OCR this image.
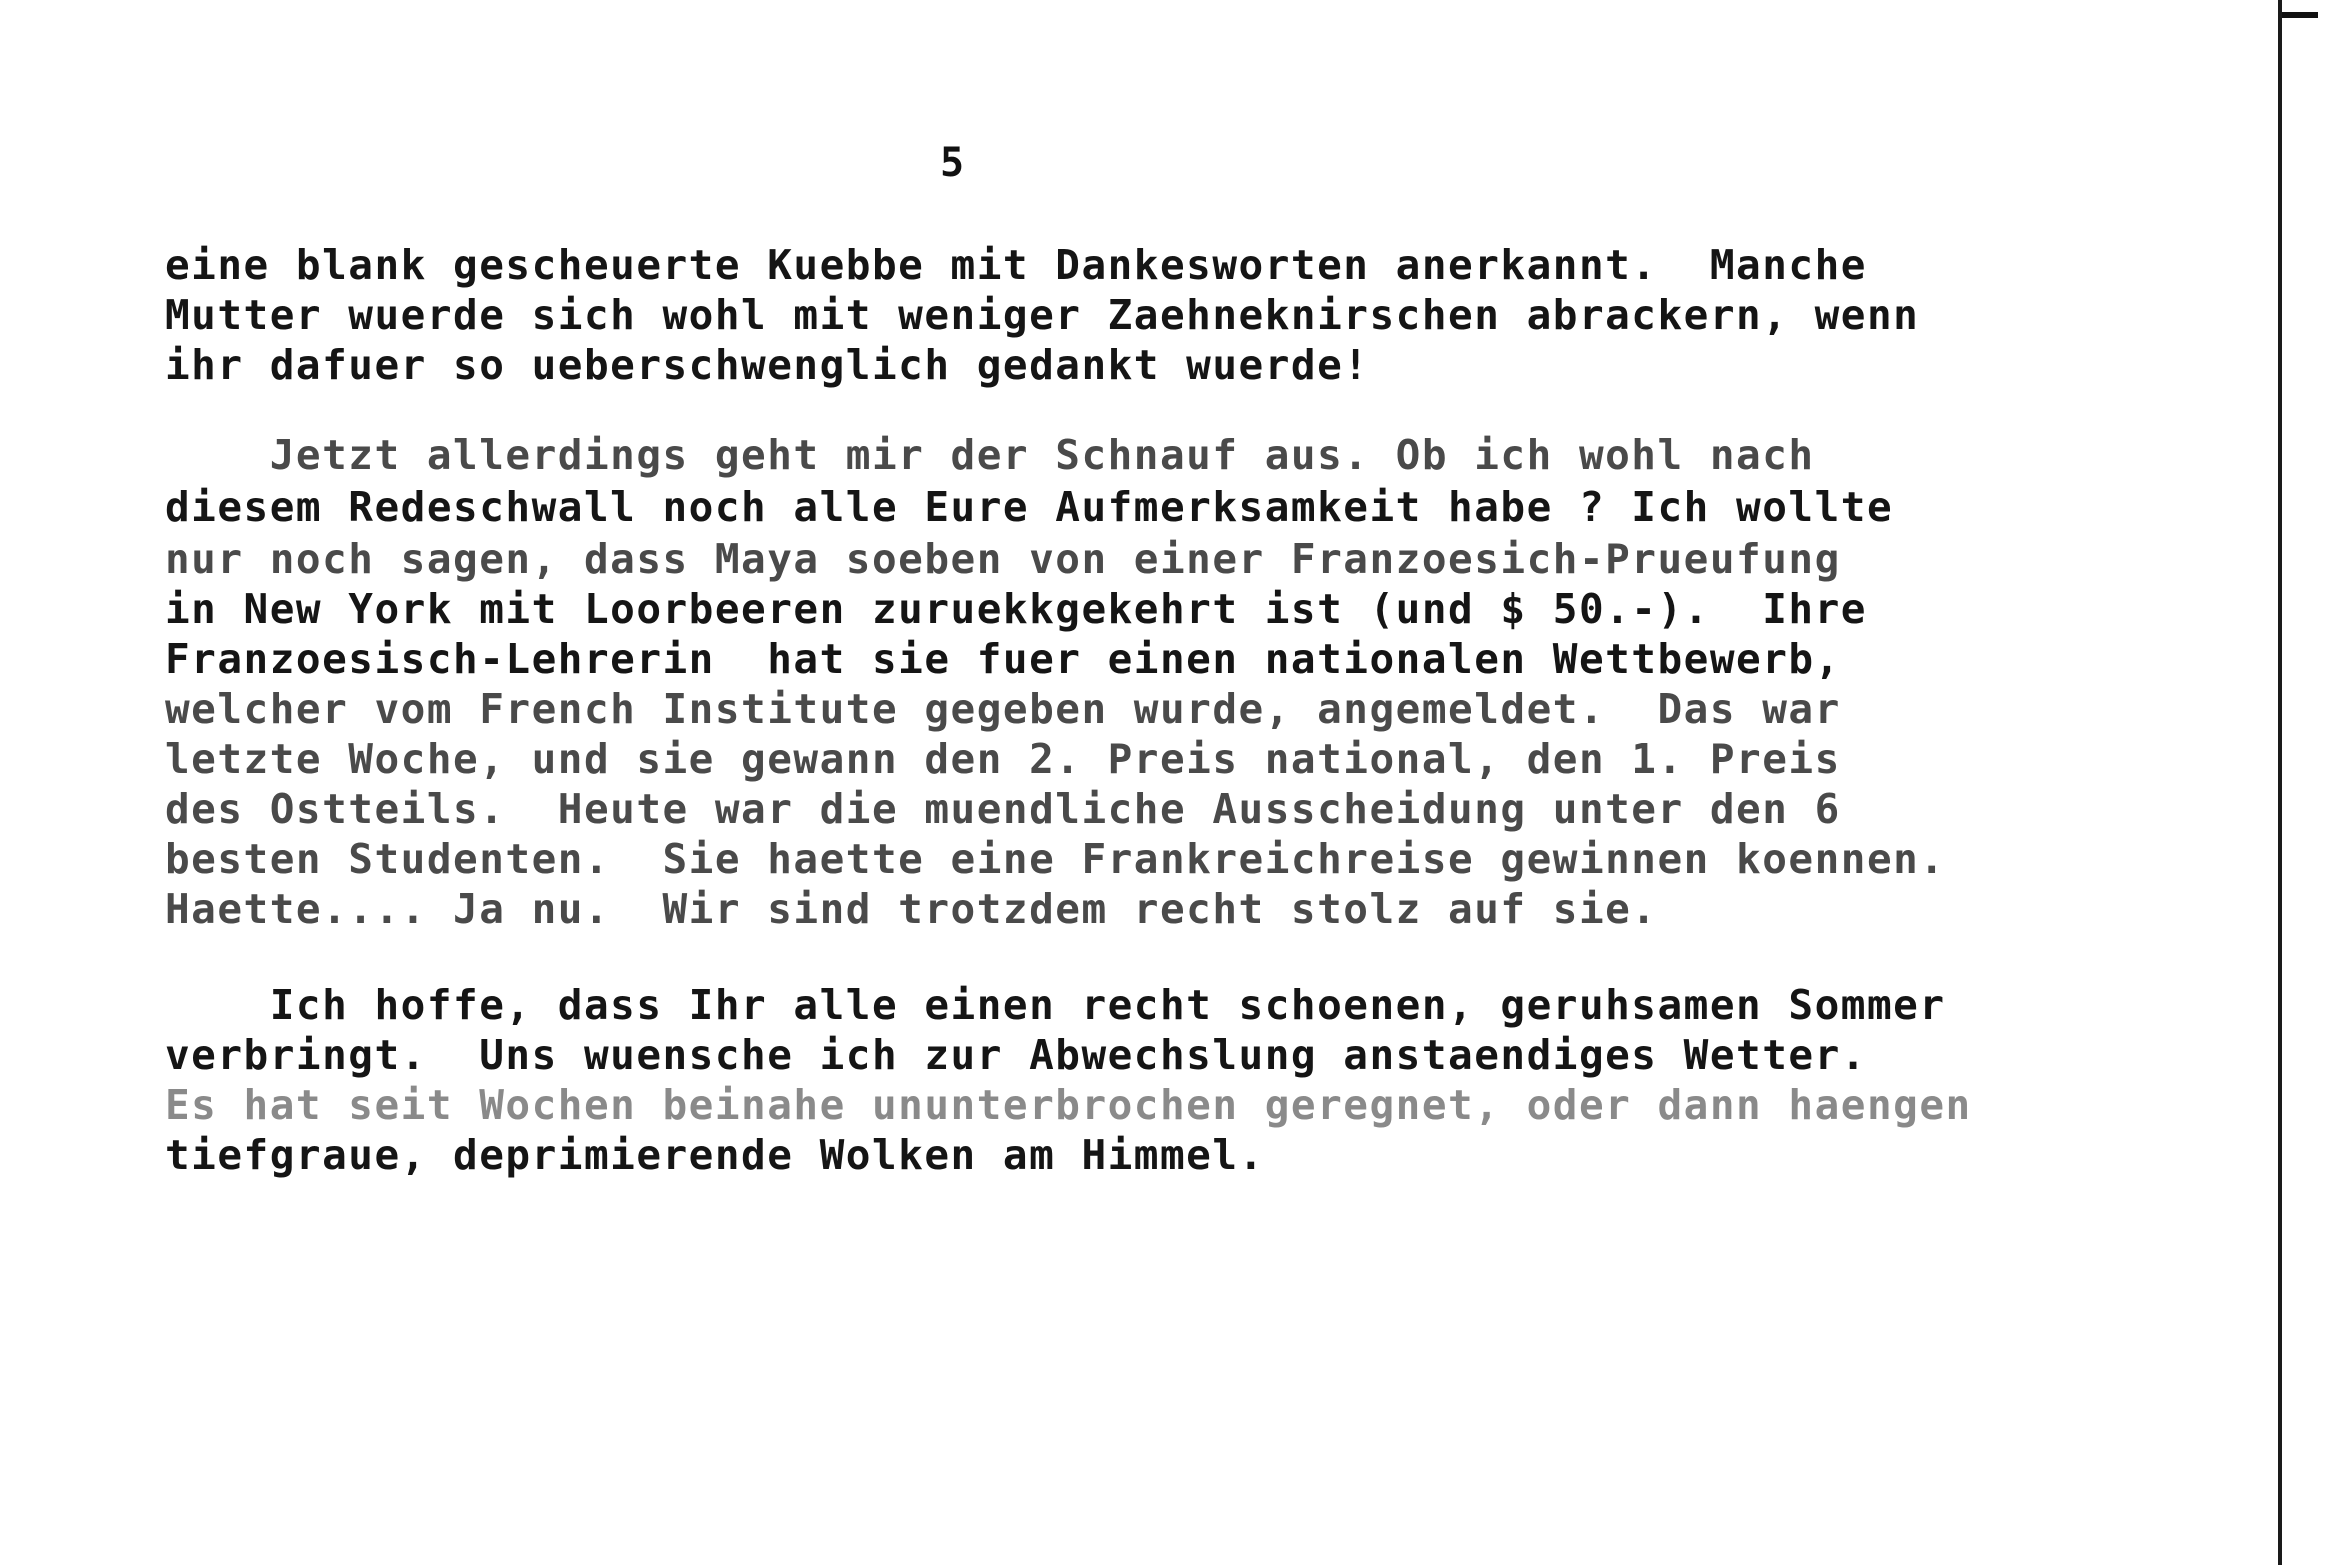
5
eine blank gescheuerte Kuebbe mit Dankesworten anerkannt.  Manche
Mutter wuerde sich wohl mit weniger Zaehneknirschen abrackern, wenn
ihr dafuer so ueberschwenglich gedankt wuerde!
Jetzt allerdings geht mir der Schnauf aus. Ob ich wohl nach
diesem Redeschwall noch alle Eure Aufmerksamkeit habe ? Ich wollte
nur noch sagen, dass Maya soeben von einer Franzoesich-Prueufung
in New York mit Loorbeeren zuruekkgekehrt ist (und $ 50.-).  Ihre
Franzoesisch-Lehrerin  hat sie fuer einen nationalen Wettbewerb,
welcher vom French Institute gegeben wurde, angemeldet.  Das war
letzte Woche, und sie gewann den 2. Preis national, den 1. Preis
des Ostteils.  Heute war die muendliche Ausscheidung unter den 6
besten Studenten.  Sie haette eine Frankreichreise gewinnen koennen.
Haette.... Ja nu.  Wir sind trotzdem recht stolz auf sie.
Ich hoffe, dass Ihr alle einen recht schoenen, geruhsamen Sommer
verbringt.  Uns wuensche ich zur Abwechslung anstaendiges Wetter.
Es hat seit Wochen beinahe ununterbrochen geregnet, oder dann haengen
tiefgraue, deprimierende Wolken am Himmel.
